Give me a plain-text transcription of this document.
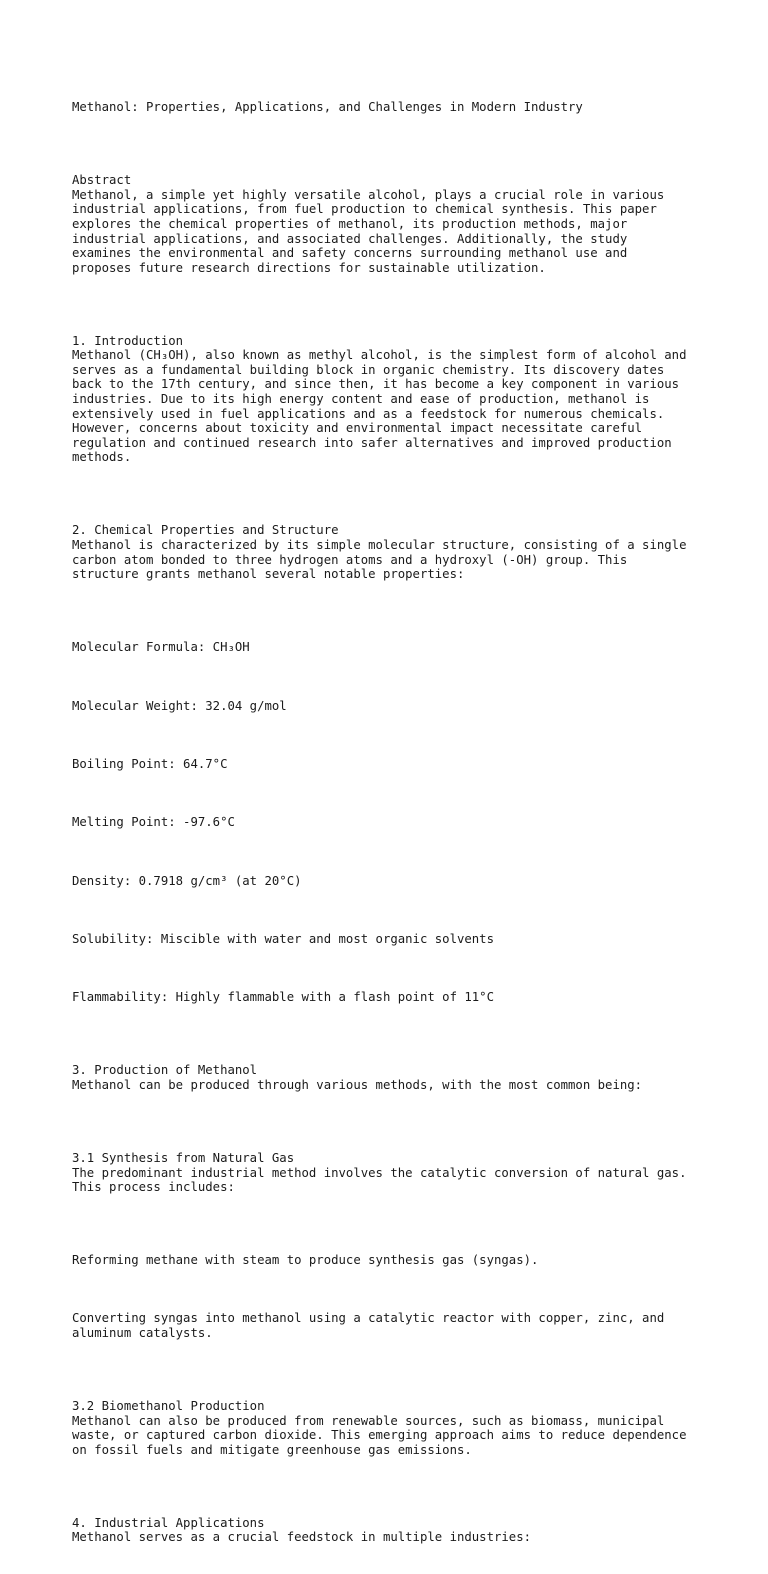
Methanol: Properties, Applications, and Challenges in Modern Industry

Abstract
Methanol, a simple yet highly versatile alcohol, plays a crucial role in various
industrial applications, from fuel production to chemical synthesis. This paper
explores the chemical properties of methanol, its production methods, major
industrial applications, and associated challenges. Additionally, the study
examines the environmental and safety concerns surrounding methanol use and
proposes future research directions for sustainable utilization.

1. Introduction
Methanol (CH₃OH), also known as methyl alcohol, is the simplest form of alcohol and
serves as a fundamental building block in organic chemistry. Its discovery dates
back to the 17th century, and since then, it has become a key component in various
industries. Due to its high energy content and ease of production, methanol is
extensively used in fuel applications and as a feedstock for numerous chemicals.
However, concerns about toxicity and environmental impact necessitate careful
regulation and continued research into safer alternatives and improved production
methods.

2. Chemical Properties and Structure
Methanol is characterized by its simple molecular structure, consisting of a single
carbon atom bonded to three hydrogen atoms and a hydroxyl (-OH) group. This
structure grants methanol several notable properties:

Molecular Formula: CH₃OH

Molecular Weight: 32.04 g/mol

Boiling Point: 64.7°C

Melting Point: -97.6°C

Density: 0.7918 g/cm³ (at 20°C)

Solubility: Miscible with water and most organic solvents

Flammability: Highly flammable with a flash point of 11°C

3. Production of Methanol
Methanol can be produced through various methods, with the most common being:

3.1 Synthesis from Natural Gas
The predominant industrial method involves the catalytic conversion of natural gas.
This process includes:

Reforming methane with steam to produce synthesis gas (syngas).

Converting syngas into methanol using a catalytic reactor with copper, zinc, and
aluminum catalysts.

3.2 Biomethanol Production
Methanol can also be produced from renewable sources, such as biomass, municipal
waste, or captured carbon dioxide. This emerging approach aims to reduce dependence
on fossil fuels and mitigate greenhouse gas emissions.

4. Industrial Applications
Methanol serves as a crucial feedstock in multiple industries:
